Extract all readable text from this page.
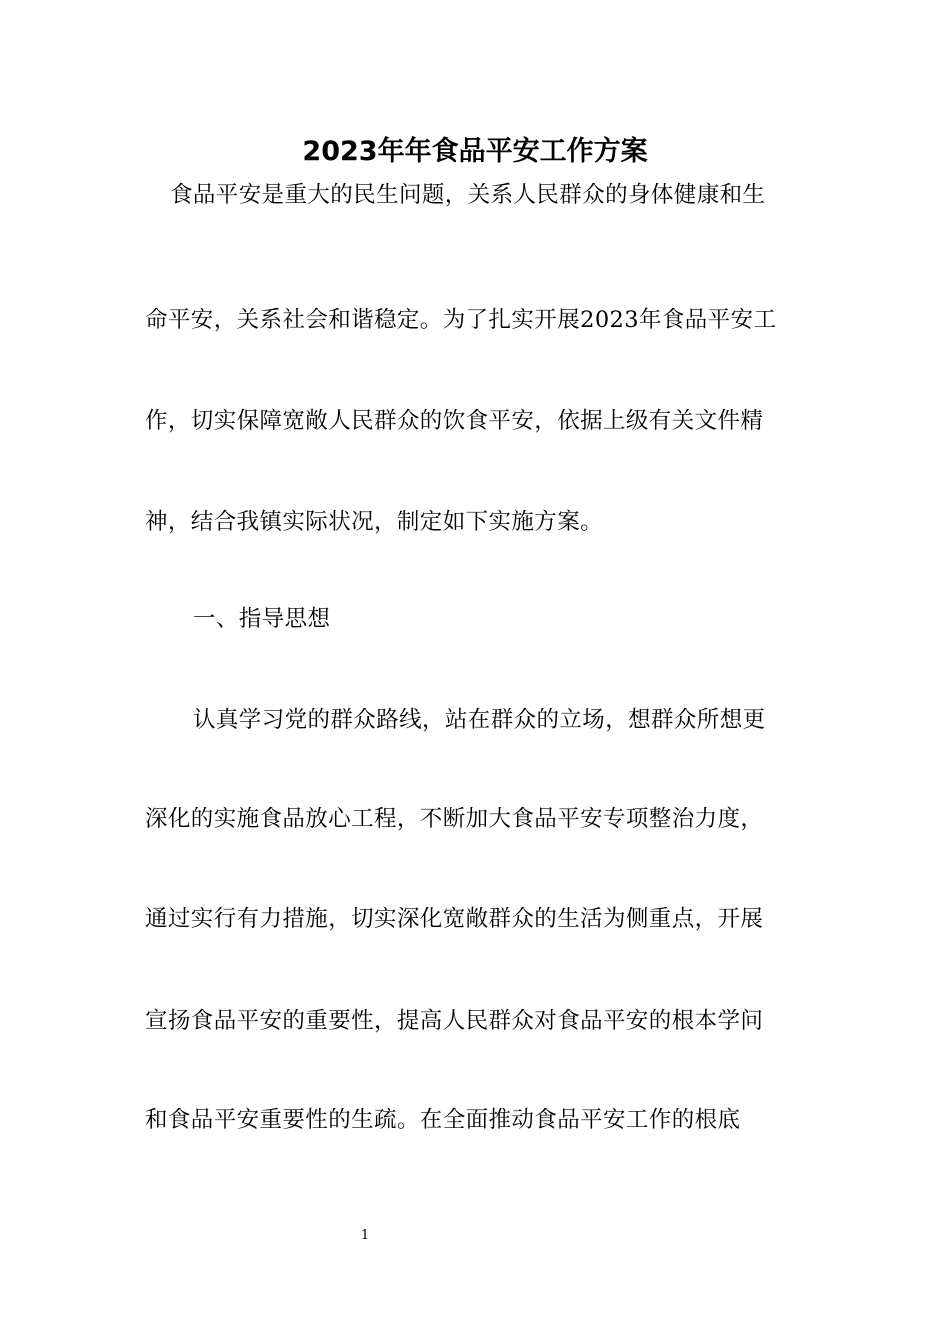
2023年年食品平安工作方案
食品平安是重大的民生问题，关系人民群众的身体健康和生
命平安，关系社会和谐稳定。为了扎实开展2023年食品平安工
作，切实保障宽敞人民群众的饮食平安，依据上级有关文件精
神，结合我镇实际状况，制定如下实施方案。
一、指导思想
认真学习党的群众路线，站在群众的立场，想群众所想更
深化的实施食品放心工程，不断加大食品平安专项整治力度，
通过实行有力措施，切实深化宽敞群众的生活为侧重点，开展
宣扬食品平安的重要性，提高人民群众对食品平安的根本学问
和食品平安重要性的生疏。在全面推动食品平安工作的根底
1
